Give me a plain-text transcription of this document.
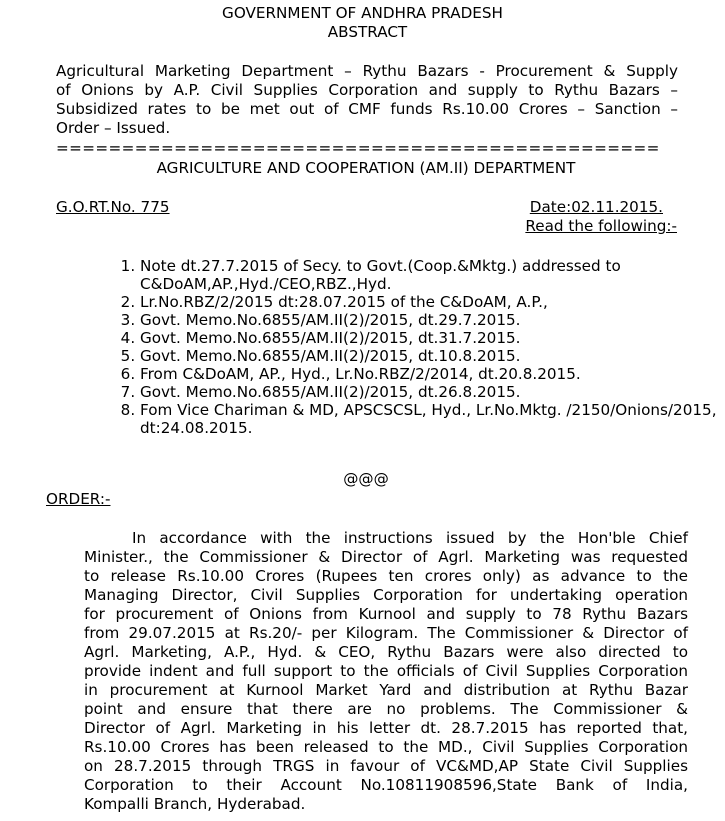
GOVERNMENT OF ANDHRA PRADESH
ABSTRACT
Agricultural Marketing Department – Rythu Bazars - Procurement & Supply
of Onions by A.P. Civil Supplies Corporation and supply to Rythu Bazars –
Subsidized rates to be met out of CMF funds Rs.10.00 Crores – Sanction –
Order – Issued.
==============================================
AGRICULTURE AND COOPERATION (AM.II) DEPARTMENT
G.O.RT.No. 775	Date:02.11.2015.
Read the following:-
1. Note dt.27.7.2015 of Secy. to Govt.(Coop.&Mktg.) addressed to C&DoAM,AP.,Hyd./CEO,RBZ.,Hyd.
2. Lr.No.RBZ/2/2015 dt:28.07.2015 of the C&DoAM, A.P.,
3. Govt. Memo.No.6855/AM.II(2)/2015, dt.29.7.2015.
4. Govt. Memo.No.6855/AM.II(2)/2015, dt.31.7.2015.
5. Govt. Memo.No.6855/AM.II(2)/2015, dt.10.8.2015.
6. From C&DoAM, AP., Hyd., Lr.No.RBZ/2/2014, dt.20.8.2015.
7. Govt. Memo.No.6855/AM.II(2)/2015, dt.26.8.2015.
8. Fom Vice Chariman & MD, APSCSCSL, Hyd., Lr.No.Mktg. /2150/Onions/2015, dt:24.08.2015.
@@@
ORDER:-
In accordance with the instructions issued by the Hon'ble Chief
Minister., the Commissioner & Director of Agrl. Marketing was requested
to release Rs.10.00 Crores (Rupees ten crores only) as advance to the
Managing Director, Civil Supplies Corporation for undertaking operation
for procurement of Onions from Kurnool and supply to 78 Rythu Bazars
from 29.07.2015 at Rs.20/- per Kilogram. The Commissioner & Director of
Agrl. Marketing, A.P., Hyd. & CEO, Rythu Bazars were also directed to
provide indent and full support to the officials of Civil Supplies Corporation
in procurement at Kurnool Market Yard and distribution at Rythu Bazar
point and ensure that there are no problems. The Commissioner &
Director of Agrl. Marketing in his letter dt. 28.7.2015 has reported that,
Rs.10.00 Crores has been released to the MD., Civil Supplies Corporation
on 28.7.2015 through TRGS in favour of VC&MD,AP State Civil Supplies
Corporation to their Account No.10811908596,State Bank of India,
Kompalli Branch, Hyderabad.
